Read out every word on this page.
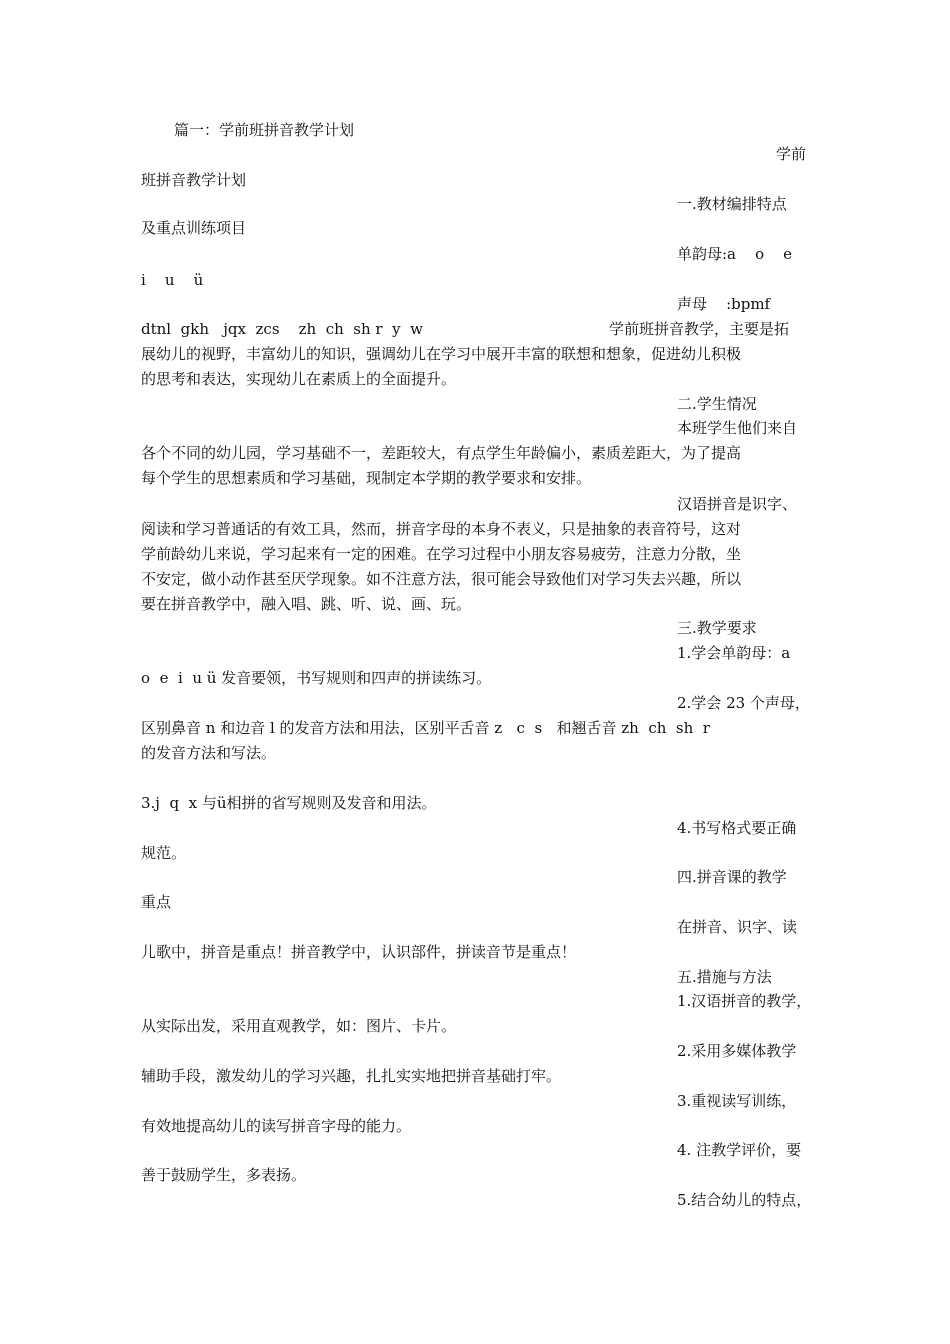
篇一：学前班拼音教学计划
学前
班拼音教学计划
一.教材编排特点
及重点训练项目
单韵母:a    o    e
i    u    ü
声母    :bpmf
dtnl  gkh   jqx  zcs    zh  ch  sh r  y  w	学前班拼音教学，主要是拓
展幼儿的视野，丰富幼儿的知识，强调幼儿在学习中展开丰富的联想和想象，促进幼儿积极
的思考和表达，实现幼儿在素质上的全面提升。
二.学生情况
本班学生他们来自
各个不同的幼儿园，学习基础不一，差距较大，有点学生年龄偏小，素质差距大，为了提高
每个学生的思想素质和学习基础，现制定本学期的教学要求和安排。
汉语拼音是识字、
阅读和学习普通话的有效工具，然而，拼音字母的本身不表义，只是抽象的表音符号，这对
学前龄幼儿来说，学习起来有一定的困难。在学习过程中小朋友容易疲劳，注意力分散，坐
不安定，做小动作甚至厌学现象。如不注意方法，很可能会导致他们对学习失去兴趣，所以
要在拼音教学中，融入唱、跳、听、说、画、玩。
三.教学要求
1.学会单韵母：a
o  e  i  u ü 发音要领，书写规则和四声的拼读练习。
2.学会 23 个声母，
区别鼻音 n 和边音 l 的发音方法和用法，区别平舌音 z   c  s   和翘舌音 zh  ch  sh  r
的发音方法和写法。
3.j  q  x 与ü相拼的省写规则及发音和用法。
4.书写格式要正确
规范。
四.拼音课的教学
重点
在拼音、识字、读
儿歌中，拼音是重点！拼音教学中，认识部件，拼读音节是重点！
五.措施与方法
1.汉语拼音的教学，
从实际出发，采用直观教学，如：图片、卡片。
2.采用多媒体教学
辅助手段，激发幼儿的学习兴趣，扎扎实实地把拼音基础打牢。
3.重视读写训练，
有效地提高幼儿的读写拼音字母的能力。
4. 注教学评价，要
善于鼓励学生，多表扬。
5.结合幼儿的特点，
